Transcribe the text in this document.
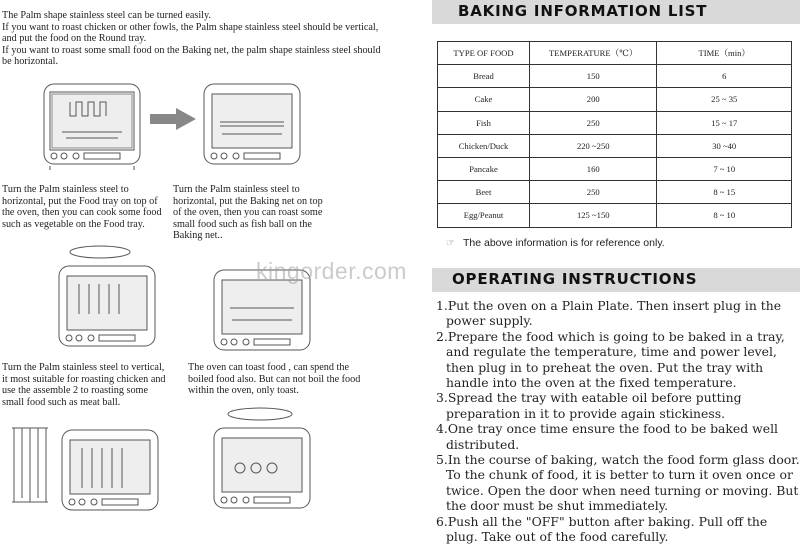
The Palm shape stainless steel can be turned easily.
If you want to roast chicken or other fowls, the Palm shape stainless steel should be vertical, and put the food on the Round tray.
If you want to roast some small food on the Baking net, the palm shape stainless steel should be horizontal.
Turn the Palm stainless steel to horizontal, put the Food tray on top of the oven, then you can cook some food such as vegetable on the Food tray.
Turn the Palm stainless steel to horizontal, put the Baking net on top of the oven, then you can roast some small food such as fish ball on the Baking net..
Turn the Palm stainless steel to vertical, it most suitable for roasting chicken and use the assemble 2 to roasting some small food such as meat ball.
The oven can toast food , can spend the boiled food also. But can not boil the food within the oven, only toast.
kingorder.com
BAKING INFORMATION LIST
TYPE OF FOOD	TEMPERATURE（℃）	TIME（min）
Bread	150	6
Cake	200	25 ~ 35
Fish	250	15 ~ 17
Chicken/Duck	220 ~250	30 ~40
Pancake	160	7 ~ 10
Beet	250	8 ~ 15
Egg/Peanut	125 ~150	8 ~ 10
☞ The above information is for reference only.
OPERATING INSTRUCTIONS
1.Put the oven on a Plain Plate. Then insert plug in the power supply.
2.Prepare the food which is going to be baked in a tray, and regulate the temperature, time and power level, then plug in to preheat the oven. Put the tray with handle into the oven at the fixed temperature.
3.Spread the tray with eatable oil before putting preparation in it to provide again stickiness.
4.One tray once time ensure the food to be baked well distributed.
5.In the course of baking, watch the food form glass door. To the chunk of food, it is better to turn it oven once or twice. Open the door when need turning or moving. But the door must be shut immediately.
6.Push all the "OFF" button after baking. Pull off the plug. Take out of the food carefully.
